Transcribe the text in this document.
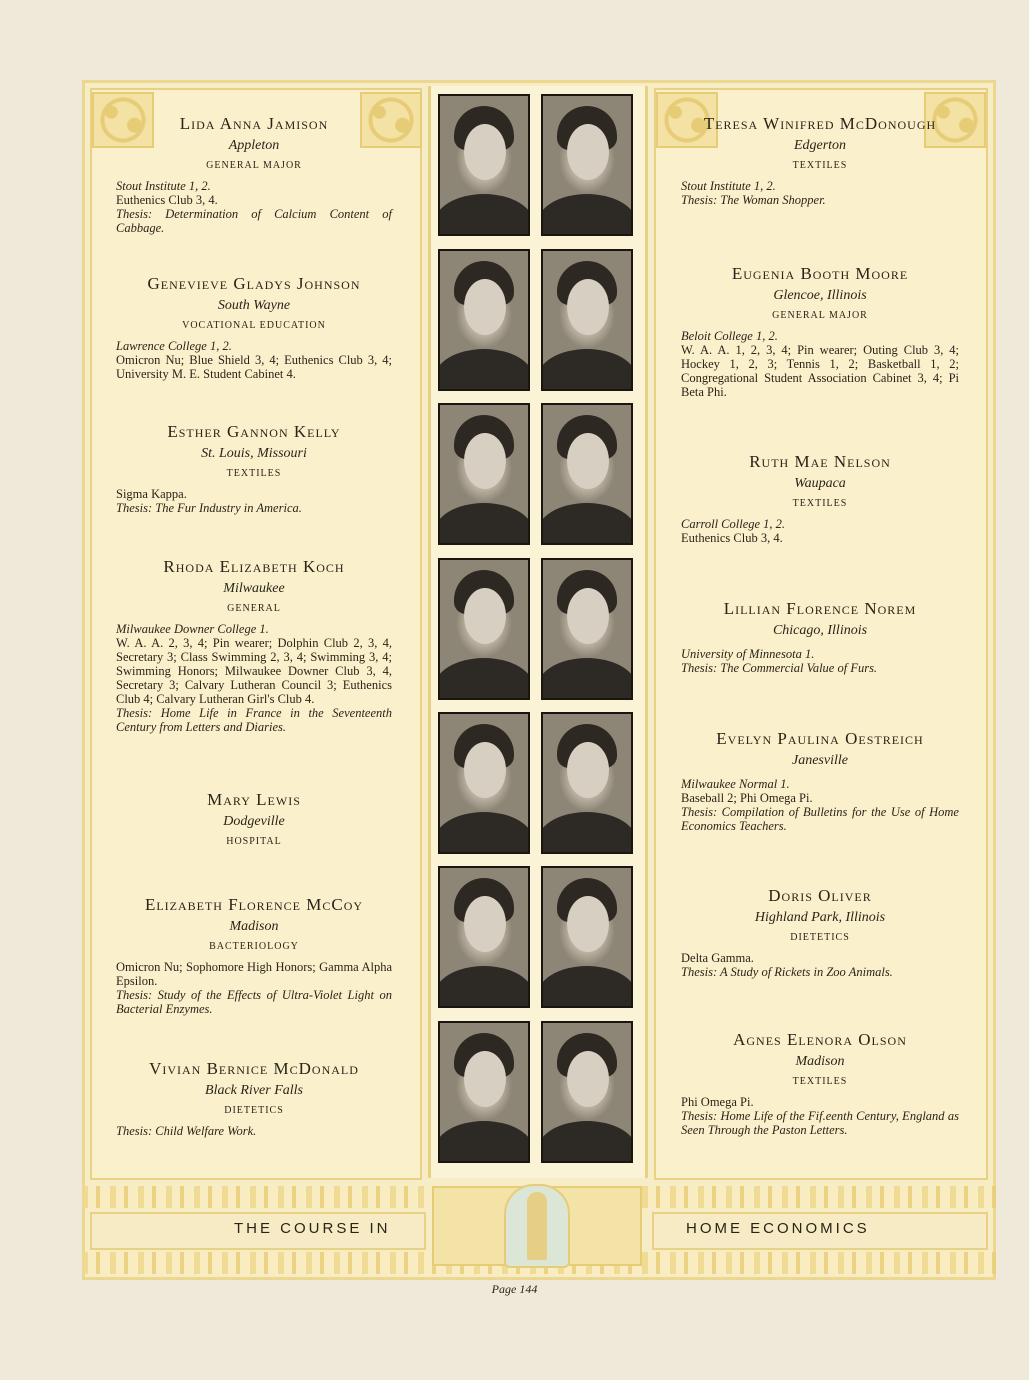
Lida Anna Jamison
Appleton
GENERAL MAJOR
Stout Institute 1, 2.
Euthenics Club 3, 4.
Thesis: Determination of Calcium Content of Cabbage.
Genevieve Gladys Johnson
South Wayne
VOCATIONAL EDUCATION
Lawrence College 1, 2.
Omicron Nu; Blue Shield 3, 4; Euthenics Club 3, 4; University M. E. Student Cabinet 4.
Esther Gannon Kelly
St. Louis, Missouri
TEXTILES
Sigma Kappa.
Thesis: The Fur Industry in America.
Rhoda Elizabeth Koch
Milwaukee
GENERAL
Milwaukee Downer College 1.
W. A. A. 2, 3, 4; Pin wearer; Dolphin Club 2, 3, 4, Secretary 3; Class Swimming 2, 3, 4; Swimming 3, 4; Swimming Honors; Milwaukee Downer Club 3, 4, Secretary 3; Calvary Lutheran Council 3; Euthenics Club 4; Calvary Lutheran Girl's Club 4.
Thesis: Home Life in France in the Seventeenth Century from Letters and Diaries.
Mary Lewis
Dodgeville
HOSPITAL
Elizabeth Florence McCoy
Madison
BACTERIOLOGY
Omicron Nu; Sophomore High Honors; Gamma Alpha Epsilon.
Thesis: Study of the Effects of Ultra-Violet Light on Bacterial Enzymes.
Vivian Bernice McDonald
Black River Falls
DIETETICS
Thesis: Child Welfare Work.
Teresa Winifred McDonough
Edgerton
TEXTILES
Stout Institute 1, 2.
Thesis: The Woman Shopper.
Eugenia Booth Moore
Glencoe, Illinois
GENERAL MAJOR
Beloit College 1, 2.
W. A. A. 1, 2, 3, 4; Pin wearer; Outing Club 3, 4; Hockey 1, 2, 3; Tennis 1, 2; Basketball 1, 2; Congregational Student Association Cabinet 3, 4; Pi Beta Phi.
Ruth Mae Nelson
Waupaca
TEXTILES
Carroll College 1, 2.
Euthenics Club 3, 4.
Lillian Florence Norem
Chicago, Illinois
University of Minnesota 1.
Thesis: The Commercial Value of Furs.
Evelyn Paulina Oestreich
Janesville
Milwaukee Normal 1.
Baseball 2; Phi Omega Pi.
Thesis: Compilation of Bulletins for the Use of Home Economics Teachers.
Doris Oliver
Highland Park, Illinois
DIETETICS
Delta Gamma.
Thesis: A Study of Rickets in Zoo Animals.
Agnes Elenora Olson
Madison
TEXTILES
Phi Omega Pi.
Thesis: Home Life of the Fif.eenth Century, England as Seen Through the Paston Letters.
THE COURSE IN	HOME ECONOMICS
Page 144
